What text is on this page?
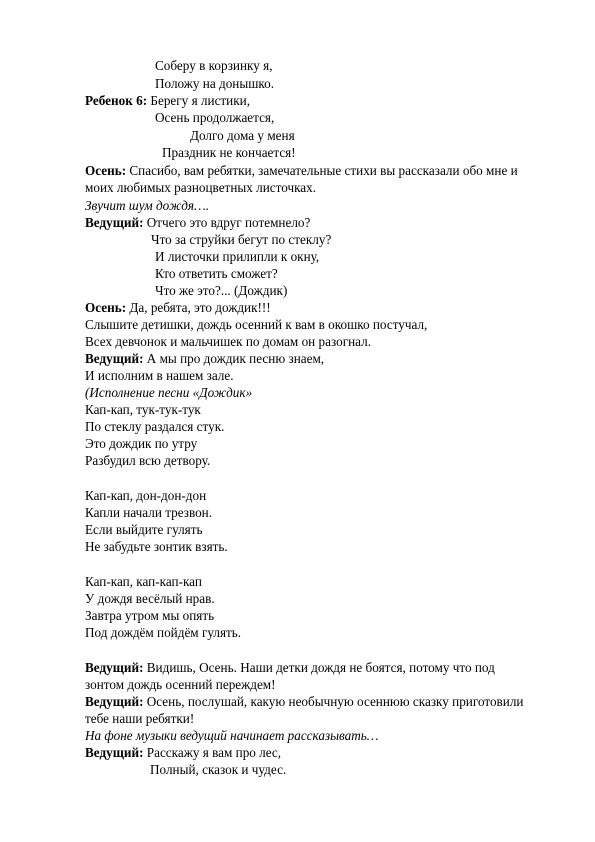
Соберу в корзинку я,
Положу на донышко.
Ребенок 6: Берегу я листики,
Осень продолжается,
Долго дома у меня
Праздник не кончается!
Осень: Спасибо, вам ребятки, замечательные стихи вы рассказали обо мне и
моих любимых разноцветных листочках.
Звучит шум дождя….
Ведущий: Отчего это вдруг потемнело?
Что за струйки бегут по стеклу?
И листочки прилипли к окну,
Кто ответить сможет?
Что же это?... (Дождик)
Осень: Да, ребята, это дождик!!!
Слышите детишки, дождь осенний к вам в окошко постучал,
Всех девчонок и мальчишек по домам он разогнал.
Ведущий: А мы про дождик песню знаем,
И исполним в нашем зале.
(Исполнение песни «Дождик»
Кап-кап, тук-тук-тук
По стеклу раздался стук.
Это дождик по утру
Разбудил всю детвору.
Кап-кап, дон-дон-дон
Капли начали трезвон.
Если выйдите гулять
Не забудьте зонтик взять.
Кап-кап, кап-кап-кап
У дождя весёлый нрав.
Завтра утром мы опять
Под дождём пойдём гулять.
Ведущий: Видишь, Осень. Наши детки дождя не боятся, потому что под
зонтом дождь осенний переждем!
Ведущий: Осень, послушай, какую необычную осеннюю сказку приготовили
тебе наши ребятки!
На фоне музыки ведущий начинает рассказывать…
Ведущий: Расскажу я вам про лес,
Полный, сказок и чудес.
